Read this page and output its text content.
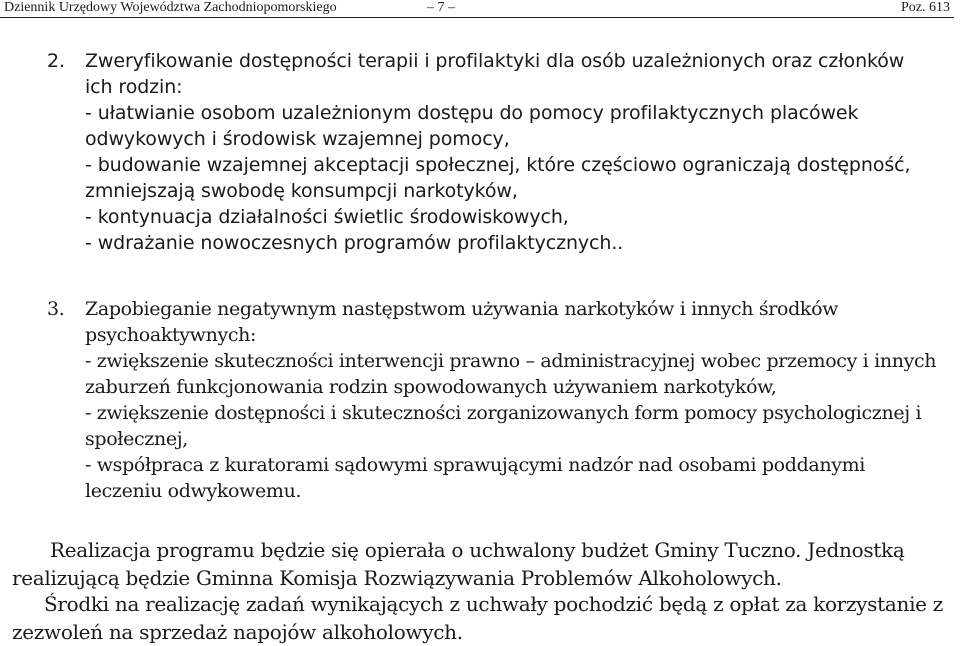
Dziennik Urzędowy Województwa Zachodniopomorskiego	– 7 –	Poz. 613
2. Zweryfikowanie dostępności terapii i profilaktyki dla osób uzależnionych oraz członków
ich rodzin:
- ułatwianie osobom uzależnionym dostępu do pomocy profilaktycznych placówek
odwykowych i środowisk wzajemnej pomocy,
- budowanie wzajemnej akceptacji społecznej, które częściowo ograniczają dostępność,
zmniejszają swobodę konsumpcji narkotyków,
- kontynuacja działalności świetlic środowiskowych,
- wdrażanie nowoczesnych programów profilaktycznych..
3. Zapobieganie negatywnym następstwom używania narkotyków i innych środków
psychoaktywnych:
- zwiększenie skuteczności interwencji prawno – administracyjnej wobec przemocy i innych
zaburzeń funkcjonowania rodzin spowodowanych używaniem narkotyków,
- zwiększenie dostępności i skuteczności zorganizowanych form pomocy psychologicznej i
społecznej,
- współpraca z kuratorami sądowymi sprawującymi nadzór nad osobami poddanymi
leczeniu odwykowemu.
Realizacja programu będzie się opierała o uchwalony budżet Gminy Tuczno. Jednostką
realizującą będzie Gminna Komisja Rozwiązywania Problemów Alkoholowych.
Środki na realizację zadań wynikających z uchwały pochodzić będą z opłat za korzystanie z
zezwoleń na sprzedaż napojów alkoholowych.
